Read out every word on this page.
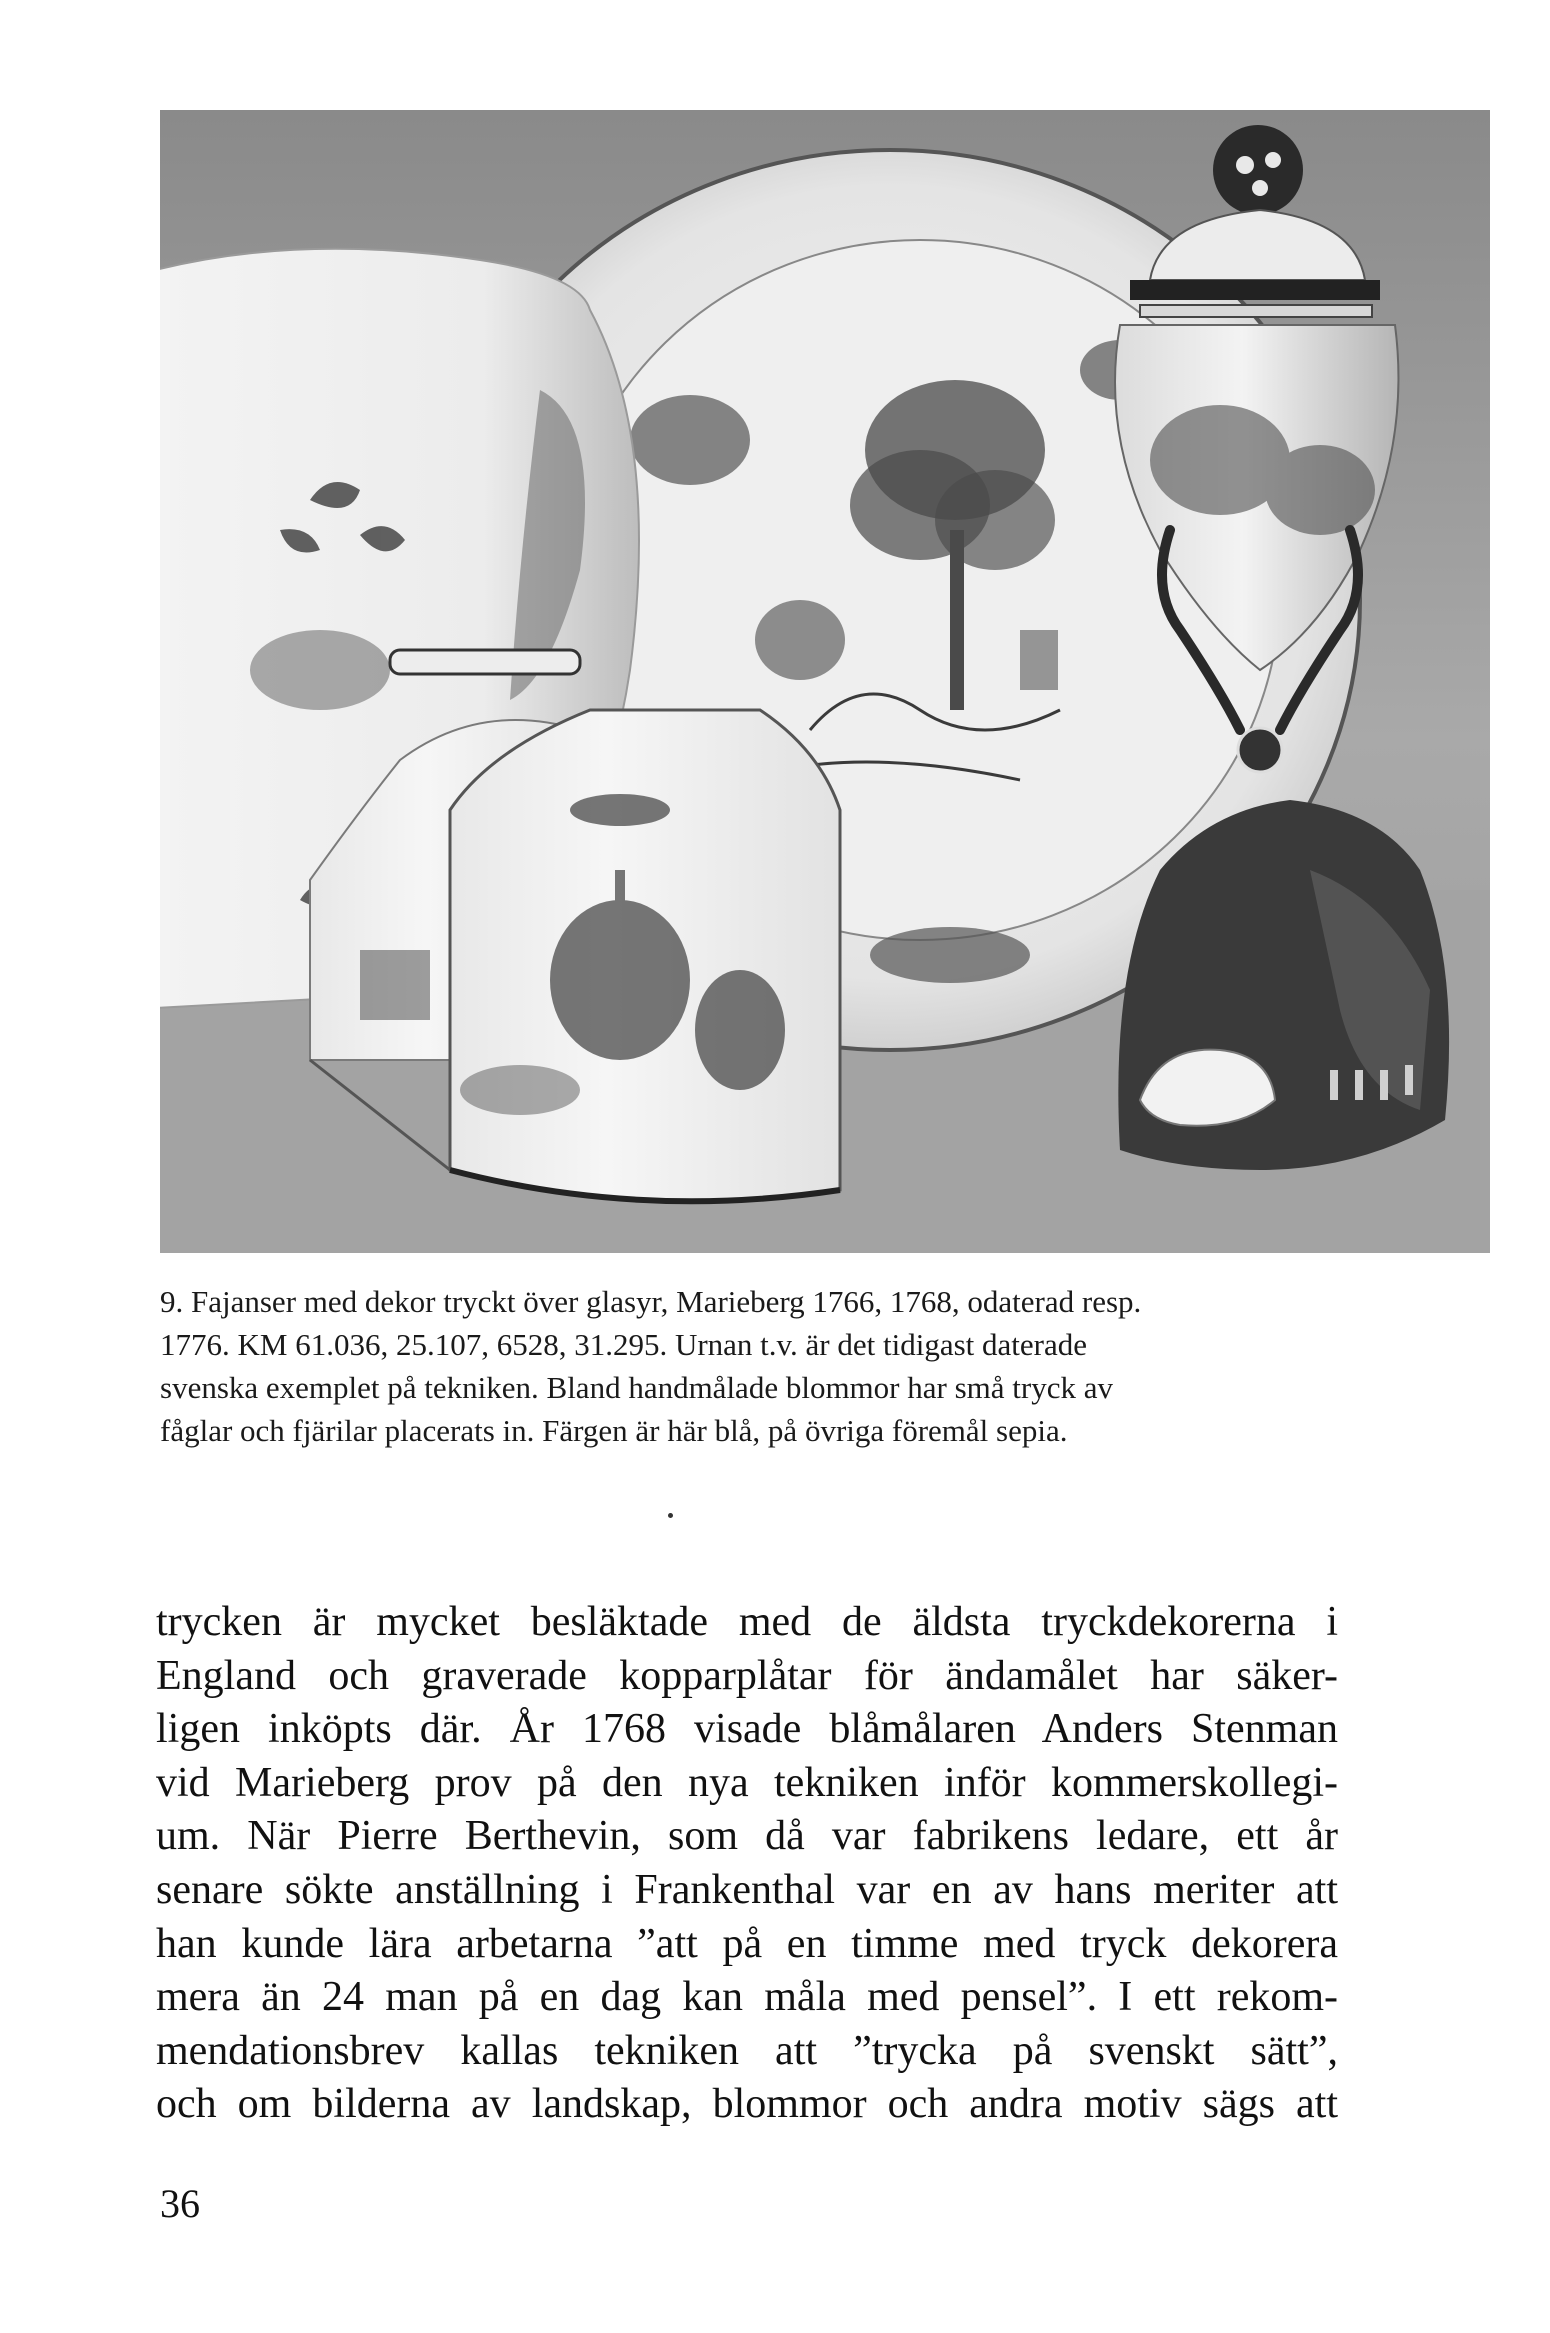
9. Fajanser med dekor tryckt över glasyr, Marieberg 1766, 1768, odaterad resp.

1776. KM 61.036, 25.107, 6528, 31.295. Urnan t.v. är det tidigast daterade

svenska exemplet på tekniken. Bland handmålade blommor har små tryck av

fåglar och fjärilar placerats in. Färgen är här blå, på övriga föremål sepia.

trycken är mycket besläktade med de äldsta tryckdekorerna i
England och graverade kopparplåtar för ändamålet har säker-
ligen inköpts där. År 1768 visade blåmålaren Anders Stenman
vid Marieberg prov på den nya tekniken inför kommerskollegi-
um. När Pierre Berthevin, som då var fabrikens ledare, ett år
senare sökte anställning i Frankenthal var en av hans meriter att
han kunde lära arbetarna ”att på en timme med tryck dekorera
mera än 24 man på en dag kan måla med pensel”. I ett rekom-
mendationsbrev kallas tekniken att ”trycka på svenskt sätt”,
och om bilderna av landskap, blommor och andra motiv sägs att
36
